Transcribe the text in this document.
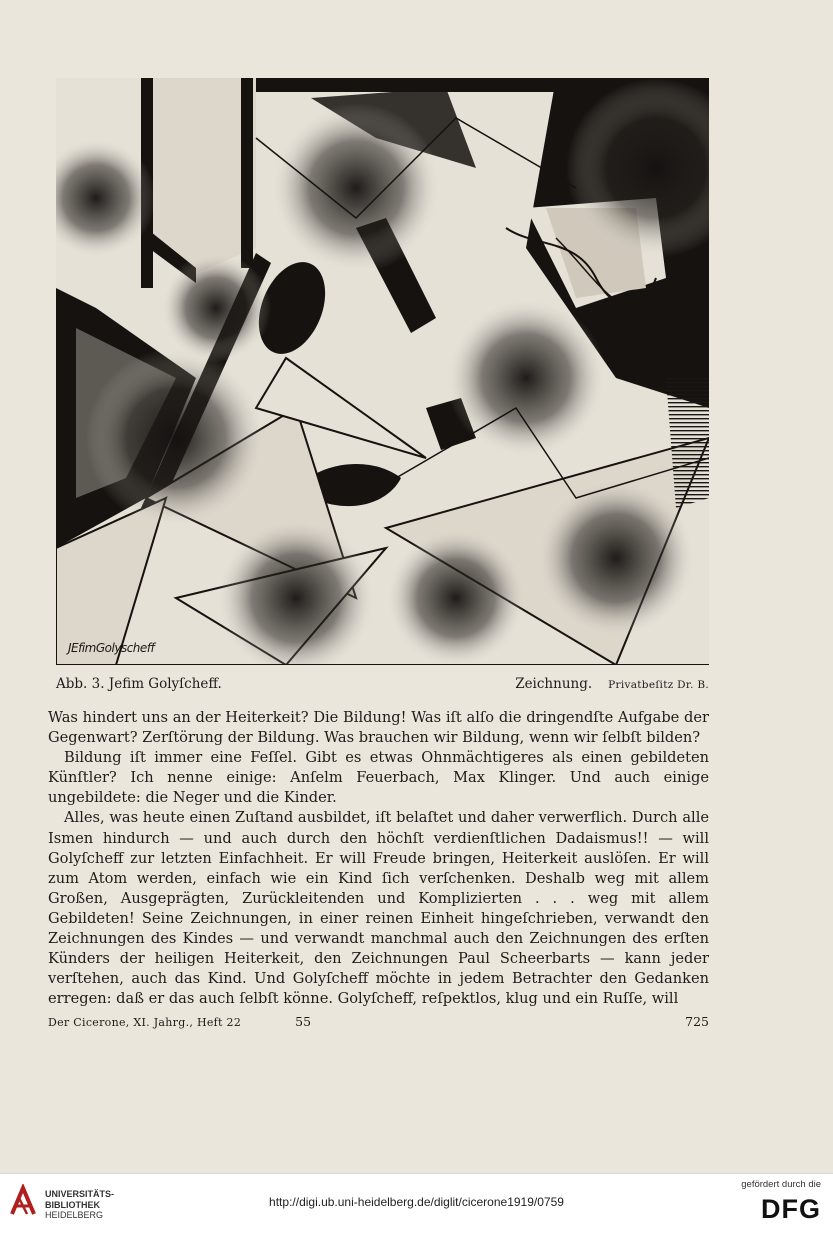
JEfimGolyscheff
Abb. 3. Jefim Golyſcheff.	Zeichnung. Privatbeſitz Dr. B.

Was hindert uns an der Heiterkeit? Die Bildung! Was iſt alſo die dringendſte Aufgabe der Gegenwart? Zerſtörung der Bildung. Was brauchen wir Bildung, wenn wir ſelbſt bilden?

Bildung iſt immer eine Feſſel. Gibt es etwas Ohnmächtigeres als einen gebildeten Künſtler? Ich nenne einige: Anſelm Feuerbach, Max Klinger. Und auch einige ungebildete: die Neger und die Kinder.

Alles, was heute einen Zuſtand ausbildet, iſt belaſtet und daher verwerflich. Durch alle Ismen hindurch — und auch durch den höchſt verdienſtlichen Dadaismus!! — will Golyſcheff zur letzten Einfachheit. Er will Freude bringen, Heiterkeit auslöſen. Er will zum Atom werden, einfach wie ein Kind ſich verſchenken. Deshalb weg mit allem Großen, Ausgeprägten, Zurückleitenden und Komplizierten . . . weg mit allem Gebildeten! Seine Zeichnungen, in einer reinen Einheit hingeſchrieben, verwandt den Zeichnungen des Kindes — und verwandt manchmal auch den Zeichnungen des erſten Künders der heiligen Heiterkeit, den Zeichnungen Paul Scheerbarts — kann jeder verſtehen, auch das Kind. Und Golyſcheff möchte in jedem Betrachter den Gedanken erregen: daß er das auch ſelbſt könne. Golyſcheff, reſpektlos, klug und ein Ruſſe, will

Der Cicerone, XI. Jahrg., Heft 22	55	725
UNIVERSITÄTS-
BIBLIOTHEK
HEIDELBERG
http://digi.ub.uni-heidelberg.de/diglit/cicerone1919/0759
gefördert durch die
DFG
